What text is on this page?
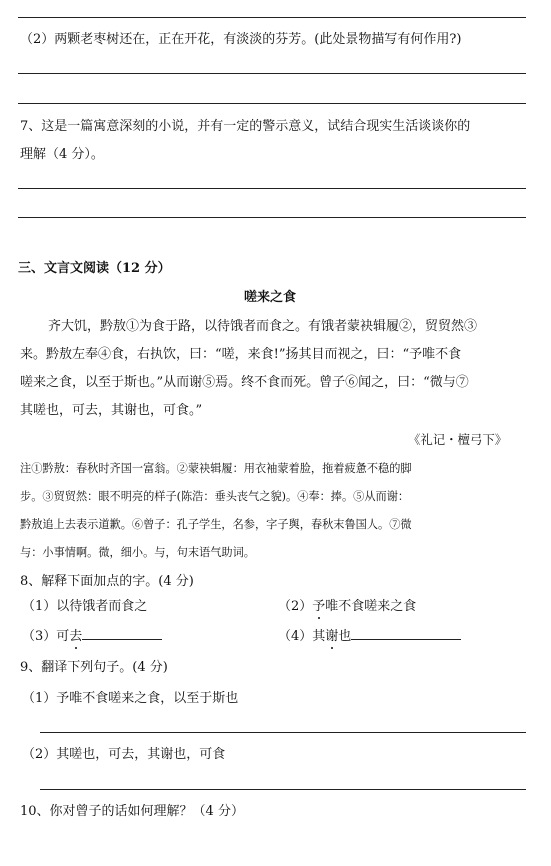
（2）两颗老枣树还在，正在开花，有淡淡的芬芳。(此处景物描写有何作用?)
7、这是一篇寓意深刻的小说，并有一定的警示意义，试结合现实生活谈谈你的
理解（4 分）。
三、文言文阅读（12 分）
嗟来之食
齐大饥，黔敖①为食于路，以待饿者而食之。有饿者蒙袂辑履②，贸贸然③
来。黔敖左奉④食，右执饮，曰：“嗟，来食!”扬其目而视之，曰：“予唯不食
嗟来之食，以至于斯也。”从而谢⑤焉。终不食而死。曾子⑥闻之，曰：“微与⑦
其嗟也，可去，其谢也，可食。”
《礼记・檀弓下》
注①黔敖：春秋时齐国一富翁。②蒙袂辑履：用衣袖蒙着脸，拖着疲惫不稳的脚
步。③贸贸然：眼不明亮的样子(陈浩：垂头丧气之貌)。④奉：捧。⑤从而谢：
黔敖追上去表示道歉。⑥曾子：孔子学生，名参，字子舆，春秋末鲁国人。⑦微
与：小事情啊。微，细小。与，句末语气助词。
8、解释下面加点的字。(4 分)
（1）以待饿者而食之	（2）予唯不食嗟来之食
（3）可去	（4）其谢也
9、翻译下列句子。(4 分)
（1）予唯不食嗟来之食，以至于斯也
（2）其嗟也，可去，其谢也，可食
10、你对曾子的话如何理解？（4 分）
